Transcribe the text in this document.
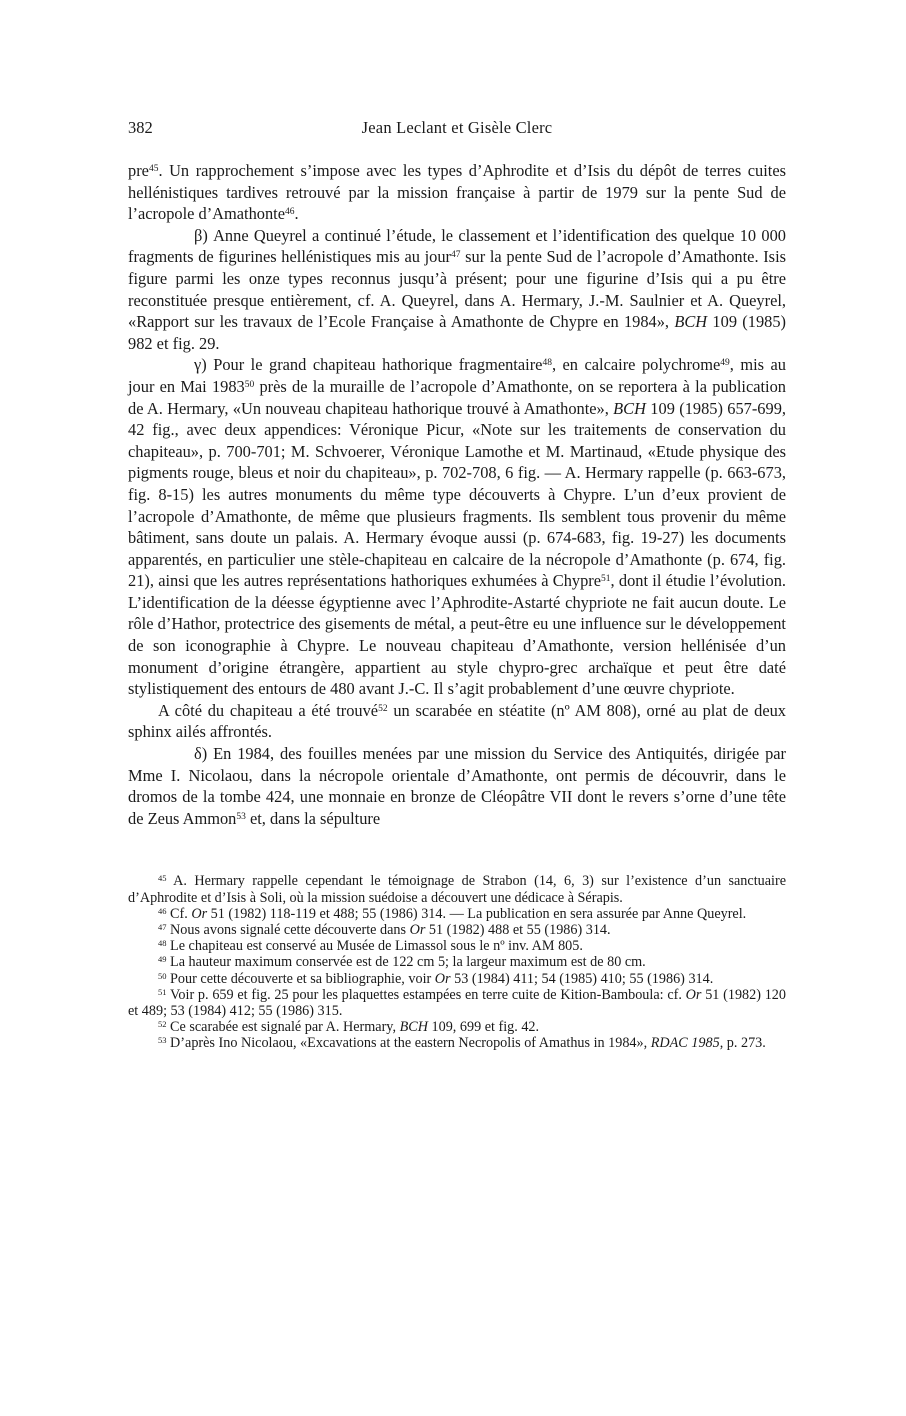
382	Jean Leclant et Gisèle Clerc

pre$^{45}$. Un rapprochement s’impose avec les types d’Aphrodite et d’Isis du dépôt de terres cuites hellénistiques tardives retrouvé par la mission française à partir de 1979 sur la pente Sud de l’acropole d’Amathonte$^{46}$.

β) Anne Queyrel a continué l’étude, le classement et l’identification des quelque 10 000 fragments de figurines hellénistiques mis au jour$^{47}$ sur la pente Sud de l’acropole d’Amathonte. Isis figure parmi les onze types reconnus jusqu’à présent; pour une figurine d’Isis qui a pu être reconstituée presque entièrement, cf. A. Queyrel, dans A. Hermary, J.-M. Saulnier et A. Queyrel, «Rapport sur les travaux de l’Ecole Française à Amathonte de Chypre en 1984», BCH 109 (1985) 982 et fig. 29.

γ) Pour le grand chapiteau hathorique fragmentaire$^{48}$, en calcaire polychrome$^{49}$, mis au jour en Mai 1983$^{50}$ près de la muraille de l’acropole d’Amathonte, on se reportera à la publication de A. Hermary, «Un nouveau chapiteau hathorique trouvé à Amathonte», BCH 109 (1985) 657-699, 42 fig., avec deux appendices: Véronique Picur, «Note sur les traitements de conservation du chapiteau», p. 700-701; M. Schvoerer, Véronique Lamothe et M. Martinaud, «Etude physique des pigments rouge, bleus et noir du chapiteau», p. 702-708, 6 fig. — A. Hermary rappelle (p. 663-673, fig. 8-15) les autres monuments du même type découverts à Chypre. L’un d’eux provient de l’acropole d’Amathonte, de même que plusieurs fragments. Ils semblent tous provenir du même bâtiment, sans doute un palais. A. Hermary évoque aussi (p. 674-683, fig. 19-27) les documents apparentés, en particulier une stèle-chapiteau en calcaire de la nécropole d’Amathonte (p. 674, fig. 21), ainsi que les autres représentations hathoriques exhumées à Chypre$^{51}$, dont il étudie l’évolution. L’identification de la déesse égyptienne avec l’Aphrodite-Astarté chypriote ne fait aucun doute. Le rôle d’Hathor, protectrice des gisements de métal, a peut-être eu une influence sur le développement de son iconographie à Chypre. Le nouveau chapiteau d’Amathonte, version hellénisée d’un monument d’origine étrangère, appartient au style chypro-grec archaïque et peut être daté stylistiquement des entours de 480 avant J.-C. Il s’agit probablement d’une œuvre chypriote.

A côté du chapiteau a été trouvé$^{52}$ un scarabée en stéatite (nº AM 808), orné au plat de deux sphinx ailés affrontés.

δ) En 1984, des fouilles menées par une mission du Service des Antiquités, dirigée par Mme I. Nicolaou, dans la nécropole orientale d’Amathonte, ont permis de découvrir, dans le dromos de la tombe 424, une monnaie en bronze de Cléopâtre VII dont le revers s’orne d’une tête de Zeus Ammon$^{53}$ et, dans la sépulture

$^{45}$ A. Hermary rappelle cependant le témoignage de Strabon (14, 6, 3) sur l’existence d’un sanctuaire d’Aphrodite et d’Isis à Soli, où la mission suédoise a découvert une dédicace à Sérapis.

$^{46}$ Cf. Or 51 (1982) 118-119 et 488; 55 (1986) 314. — La publication en sera assurée par Anne Queyrel.

$^{47}$ Nous avons signalé cette découverte dans Or 51 (1982) 488 et 55 (1986) 314.

$^{48}$ Le chapiteau est conservé au Musée de Limassol sous le nº inv. AM 805.

$^{49}$ La hauteur maximum conservée est de 122 cm 5; la largeur maximum est de 80 cm.

$^{50}$ Pour cette découverte et sa bibliographie, voir Or 53 (1984) 411; 54 (1985) 410; 55 (1986) 314.

$^{51}$ Voir p. 659 et fig. 25 pour les plaquettes estampées en terre cuite de Kition-Bamboula: cf. Or 51 (1982) 120 et 489; 53 (1984) 412; 55 (1986) 315.

$^{52}$ Ce scarabée est signalé par A. Hermary, BCH 109, 699 et fig. 42.

$^{53}$ D’après Ino Nicolaou, «Excavations at the eastern Necropolis of Amathus in 1984», RDAC 1985, p. 273.
